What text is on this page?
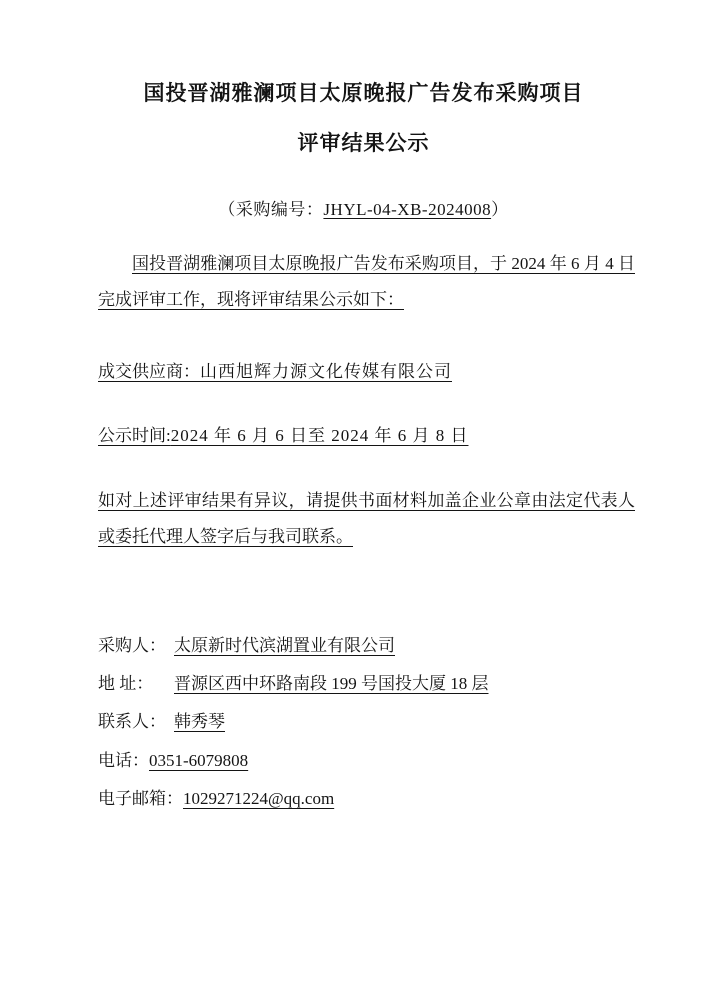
国投晋湖雅澜项目太原晚报广告发布采购项目
评审结果公示
（采购编号：JHYL-04-XB-2024008）
国投晋湖雅澜项目太原晚报广告发布采购项目，于 2024 年 6 月 4 日完成评审工作，现将评审结果公示如下：
成交供应商：山西旭辉力源文化传媒有限公司
公示时间:2024 年 6 月 6 日至 2024 年 6 月 8 日
如对上述评审结果有异议，请提供书面材料加盖企业公章由法定代表人或委托代理人签字后与我司联系。
采购人： 太原新时代滨湖置业有限公司
地 址： 晋源区西中环路南段 199 号国投大厦 18 层
联系人： 韩秀琴
电话：0351-6079808
电子邮箱：1029271224@qq.com
